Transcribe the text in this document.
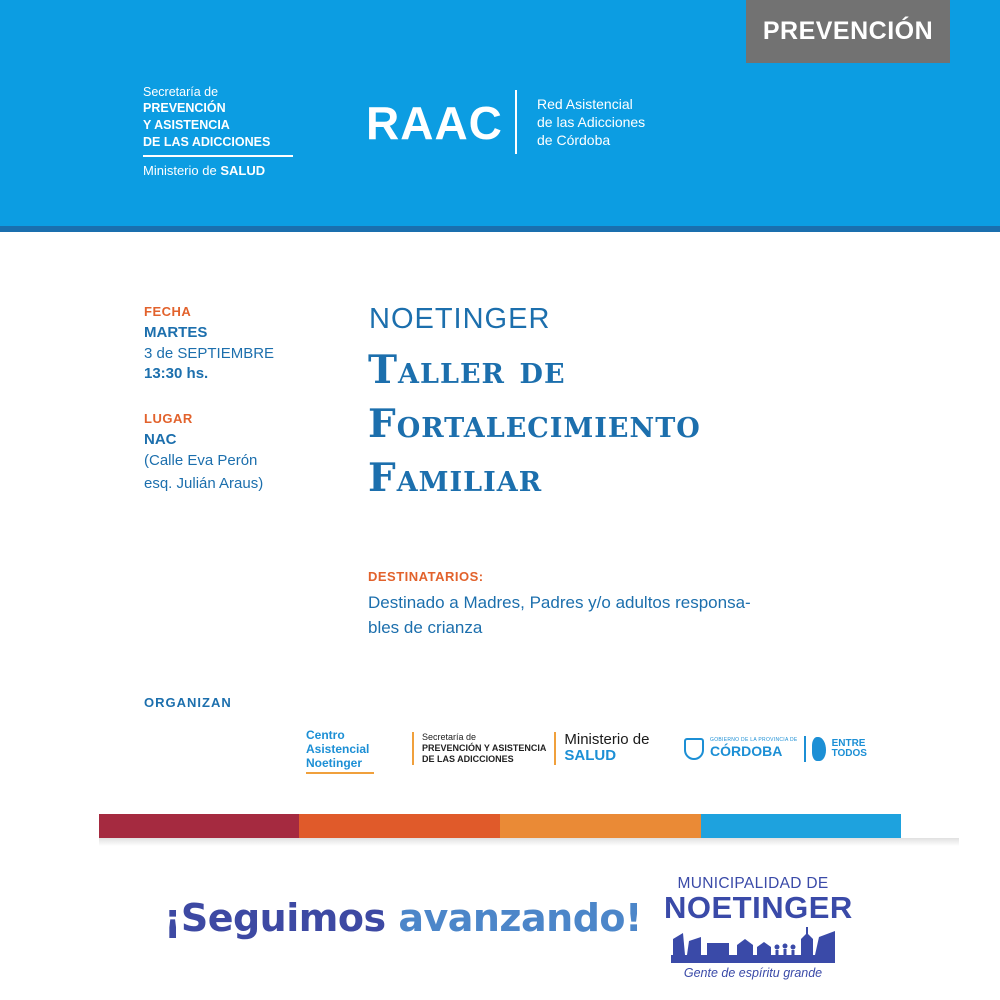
PREVENCIÓN
Secretaría de
PREVENCIÓN
Y ASISTENCIA
DE LAS ADICCIONES
Ministerio de SALUD
RAAC Red Asistencial
de las Adicciones
de Córdoba
FECHA
MARTES
3 de SEPTIEMBRE
13:30 hs.
LUGAR
NAC
(Calle Eva Perón
esq. Julián Araus)
NOETINGER
Taller de
Fortalecimiento
Familiar
DESTINATARIOS:
Destinado a Madres, Padres y/o adultos responsa-
bles de crianza
ORGANIZAN
Centro
Asistencial
Noetinger
Secretaría de
PREVENCIÓN Y ASISTENCIA
DE LAS ADICCIONES
Ministerio de
SALUD
GOBIERNO DE LA PROVINCIA DE
CÓRDOBA	ENTRE
TODOS
¡Seguimos avanzando!
MUNICIPALIDAD DE
NOETINGER
Gente de espíritu grande
